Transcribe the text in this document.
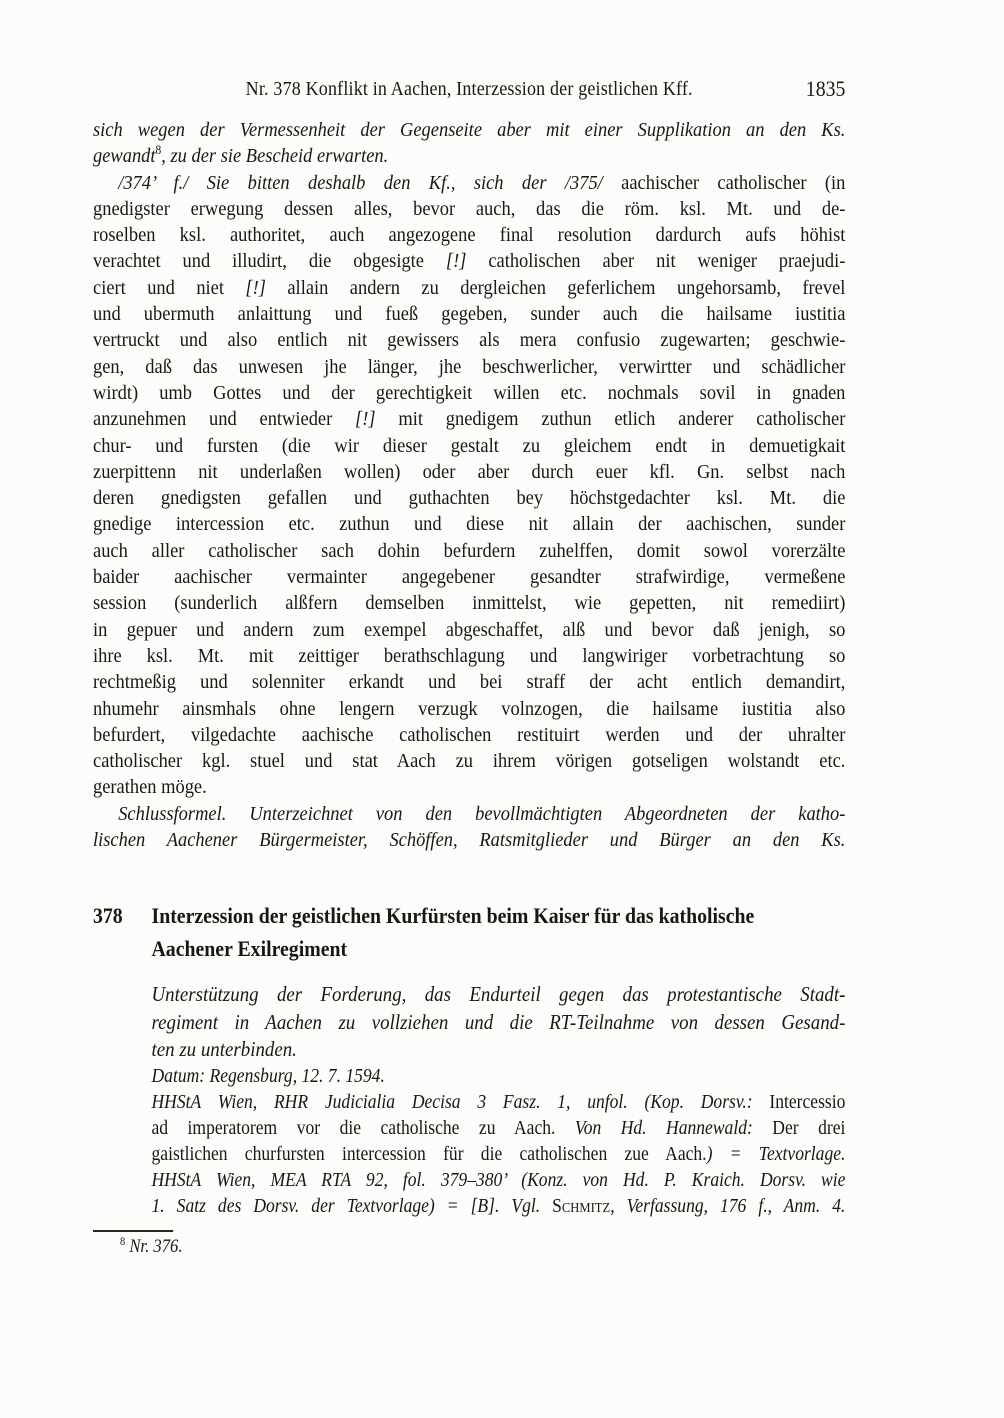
Nr. 378 Konflikt in Aachen, Interzession der geistlichen Kff.	1835
sich wegen der Vermessenheit der Gegenseite aber mit einer Supplikation an den Ks.
gewandt$^8$, zu der sie Bescheid erwarten.
/374’ f./ Sie bitten deshalb den Kf., sich der /375/ aachischer catholischer (in
gnedigster erwegung dessen alles, bevor auch, das die röm. ksl. Mt. und de-
roselben ksl. authoritet, auch angezogene final resolution dardurch aufs höhist
verachtet und illudirt, die obgesigte [!] catholischen aber nit weniger praejudi-
ciert und niet [!] allain andern zu dergleichen geferlichem ungehorsamb, frevel
und ubermuth anlaittung und fueß gegeben, sunder auch die hailsame iustitia
vertruckt und also entlich nit gewissers als mera confusio zugewarten; geschwie-
gen, daß das unwesen jhe länger, jhe beschwerlicher, verwirtter und schädlicher
wirdt) umb Gottes und der gerechtigkeit willen etc. nochmals sovil in gnaden
anzunehmen und entwieder [!] mit gnedigem zuthun etlich anderer catholischer
chur- und fursten (die wir dieser gestalt zu gleichem endt in demuetigkait
zuerpittenn nit underlaßen wollen) oder aber durch euer kfl. Gn. selbst nach
deren gnedigsten gefallen und guthachten bey höchstgedachter ksl. Mt. die
gnedige intercession etc. zuthun und diese nit allain der aachischen, sunder
auch aller catholischer sach dohin befurdern zuhelffen, domit sowol vorerzälte
baider aachischer vermainter angegebener gesandter strafwirdige, vermeßene
session (sunderlich alßfern demselben inmittelst, wie gepetten, nit remediirt)
in gepuer und andern zum exempel abgeschaffet, alß und bevor daß jenigh, so
ihre ksl. Mt. mit zeittiger berathschlagung und langwiriger vorbetrachtung so
rechtmeßig und solenniter erkandt und bei straff der acht entlich demandirt,
nhumehr ainsmhals ohne lengern verzugk volnzogen, die hailsame iustitia also
befurdert, vilgedachte aachische catholischen restituirt werden und der uhralter
catholischer kgl. stuel und stat Aach zu ihrem vörigen gotseligen wolstandt etc.
gerathen möge.
Schlussformel. Unterzeichnet von den bevollmächtigten Abgeordneten der katho-
lischen Aachener Bürgermeister, Schöffen, Ratsmitglieder und Bürger an den Ks.
378 Interzession der geistlichen Kurfürsten beim Kaiser für das katholische
Aachener Exilregiment
Unterstützung der Forderung, das Endurteil gegen das protestantische Stadt-
regiment in Aachen zu vollziehen und die RT-Teilnahme von dessen Gesand-
ten zu unterbinden.
Datum: Regensburg, 12. 7. 1594.
HHStA Wien, RHR Judicialia Decisa 3 Fasz. 1, unfol. (Kop. Dorsv.: Intercessio
ad imperatorem vor die catholische zu Aach. Von Hd. Hannewald: Der drei
gaistlichen churfursten intercession für die catholischen zue Aach.) = Textvorlage.
HHStA Wien, MEA RTA 92, fol. 379–380’ (Konz. von Hd. P. Kraich. Dorsv. wie
1. Satz des Dorsv. der Textvorlage) = [B]. Vgl. Schmitz, Verfassung, 176 f., Anm. 4.
$^8$ Nr. 376.
